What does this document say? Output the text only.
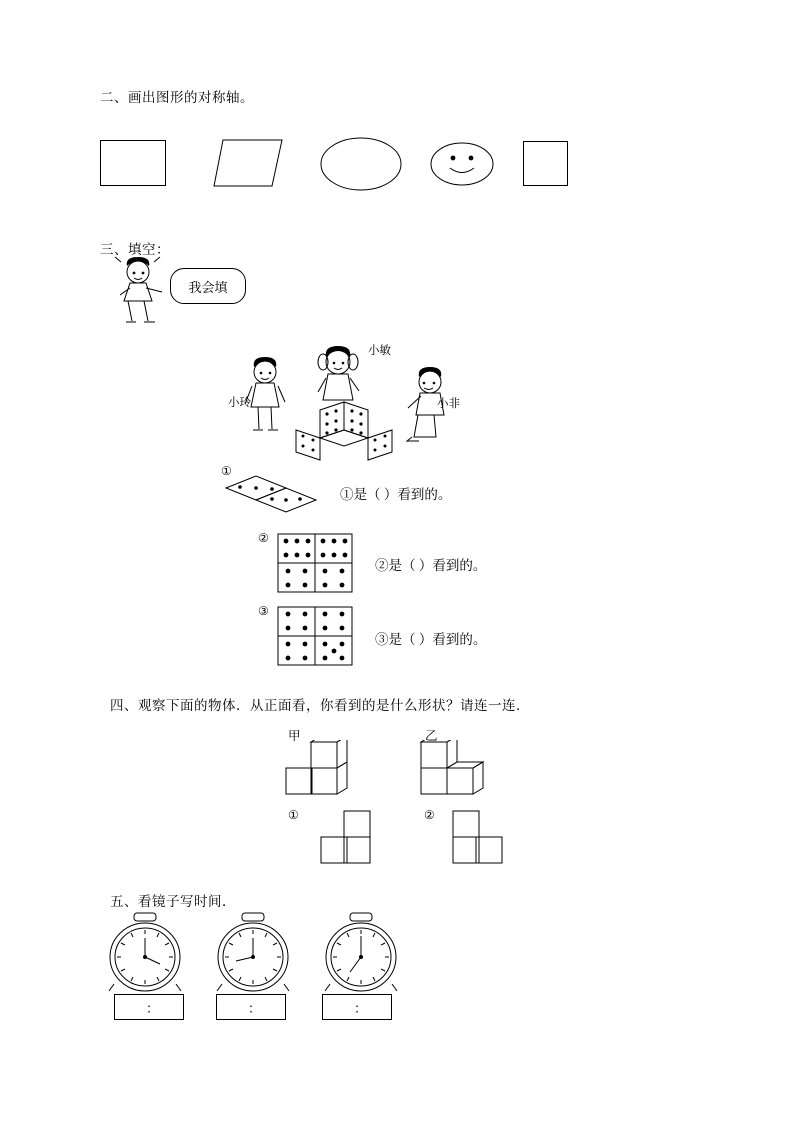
二、画出图形的对称轴。
三、填空：
我会填
小玲
小敏
小非
①
①是（ ）看到的。
②
②是（ ）看到的。
③
③是（ ）看到的。
四、观察下面的物体．从正面看，你看到的是什么形状？请连一连．
甲	乙
①	②
五、看镜子写时间．
：	：	：
